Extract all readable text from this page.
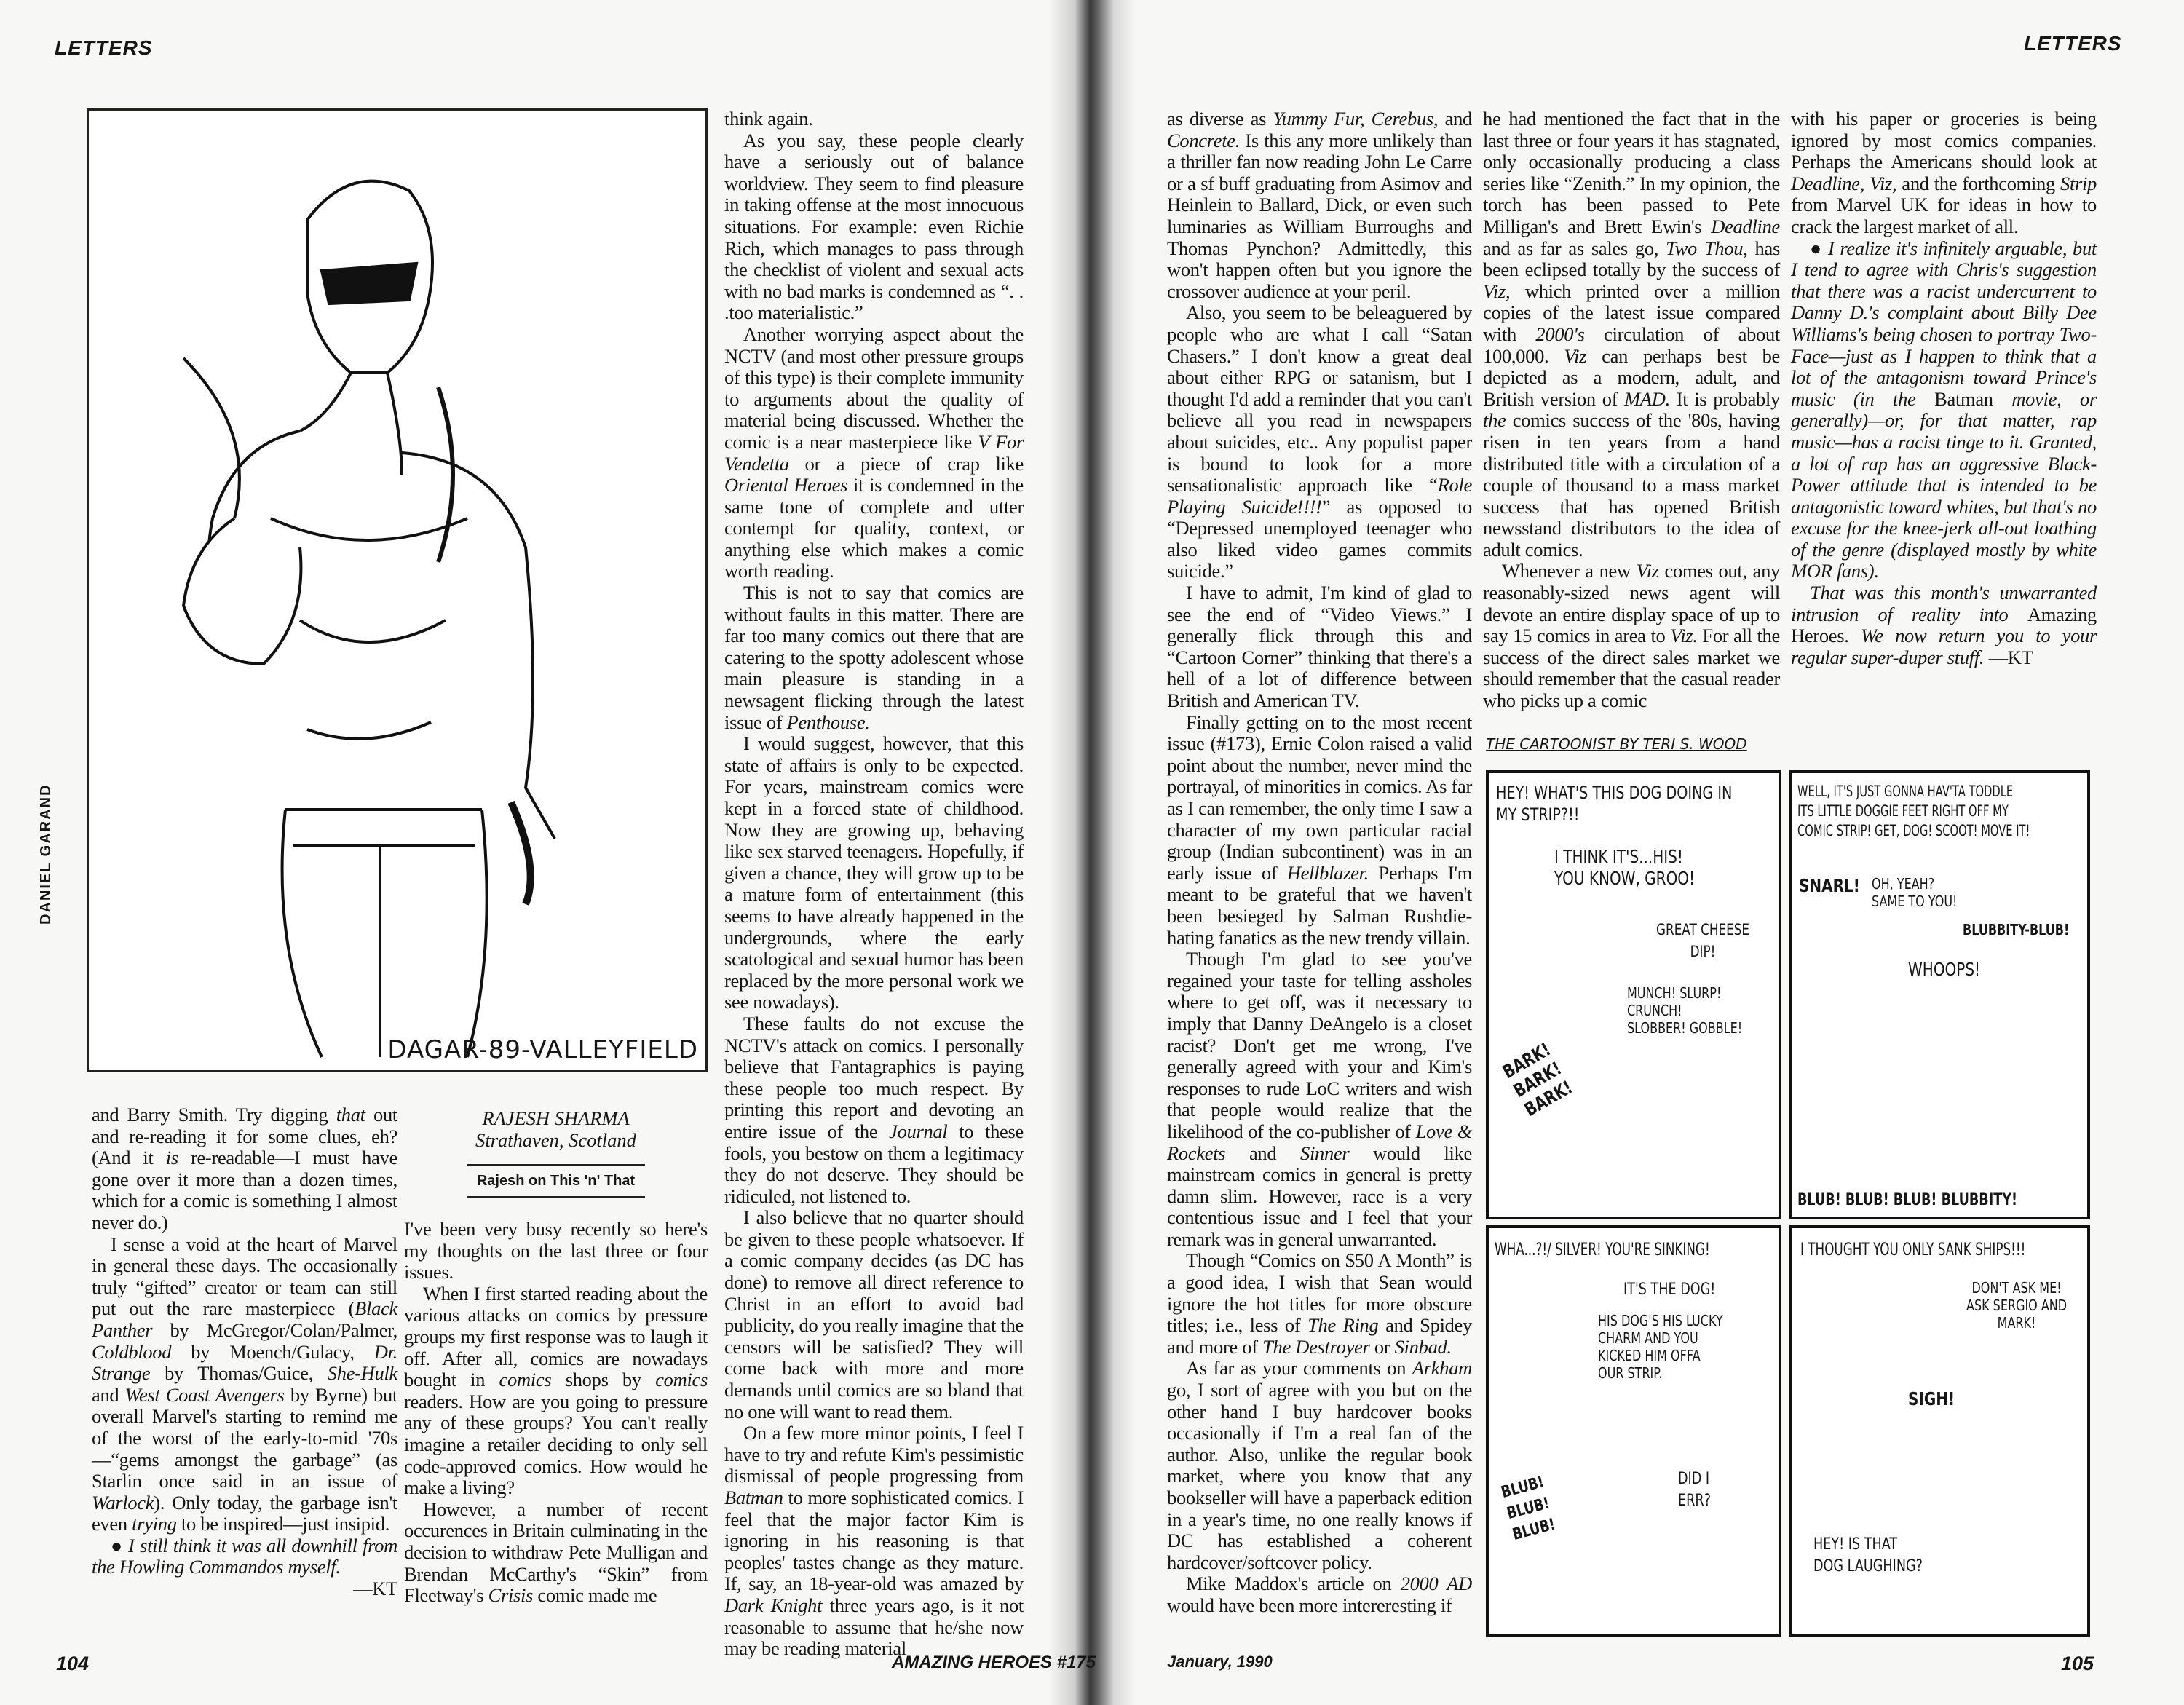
LETTERS	LETTERS
DAGAR-89-VALLEYFIELD
DANIEL GARAND

and Barry Smith. Try digging that out and re-reading it for some clues, eh? (And it is re-readable—I must have gone over it more than a dozen times, which for a comic is something I almost never do.)

I sense a void at the heart of Marvel in general these days. The occasionally truly “gifted” creator or team can still put out the rare masterpiece (Black Panther by McGregor/Colan/Palmer, Coldblood by Moench/Gulacy, Dr. Strange by Thomas/Guice, She-Hulk and West Coast Avengers by Byrne) but overall Marvel's starting to remind me of the worst of the early-to-mid '70s—“gems amongst the garbage” (as Starlin once said in an issue of Warlock). Only today, the garbage isn't even trying to be inspired—just insipid.

● I still think it was all downhill from the Howling Commandos myself.

—KT

RAJESH SHARMA
Strathaven, Scotland
Rajesh on This 'n' That

I've been very busy recently so here's my thoughts on the last three or four issues.

When I first started reading about the various attacks on comics by pressure groups my first response was to laugh it off. After all, comics are nowadays bought in comics shops by comics readers. How are you going to pressure any of these groups? You can't really imagine a retailer deciding to only sell code-approved comics. How would he make a living?

However, a number of recent occurences in Britain culminating in the decision to withdraw Pete Mulligan and Brendan McCarthy's “Skin” from Fleetway's Crisis comic made me

think again.

As you say, these people clearly have a seriously out of balance worldview. They seem to find pleasure in taking offense at the most innocuous situations. For example: even Richie Rich, which manages to pass through the checklist of violent and sexual acts with no bad marks is condemned as “. . .too materialistic.”

Another worrying aspect about the NCTV (and most other pressure groups of this type) is their complete immunity to arguments about the quality of material being discussed. Whether the comic is a near masterpiece like V For Vendetta or a piece of crap like Oriental Heroes it is condemned in the same tone of complete and utter contempt for quality, context, or anything else which makes a comic worth reading.

This is not to say that comics are without faults in this matter. There are far too many comics out there that are catering to the spotty adolescent whose main pleasure is standing in a newsagent flicking through the latest issue of Penthouse.

I would suggest, however, that this state of affairs is only to be expected. For years, mainstream comics were kept in a forced state of childhood. Now they are growing up, behaving like sex starved teenagers. Hopefully, if given a chance, they will grow up to be a mature form of entertainment (this seems to have already happened in the undergrounds, where the early scatological and sexual humor has been replaced by the more personal work we see nowadays).

These faults do not excuse the NCTV's attack on comics. I personally believe that Fantagraphics is paying these people too much respect. By printing this report and devoting an entire issue of the Journal to these fools, you bestow on them a legitimacy they do not deserve. They should be ridiculed, not listened to.

I also believe that no quarter should be given to these people whatsoever. If a comic company decides (as DC has done) to remove all direct reference to Christ in an effort to avoid bad publicity, do you really imagine that the censors will be satisfied? They will come back with more and more demands until comics are so bland that no one will want to read them.

On a few more minor points, I feel I have to try and refute Kim's pessimistic dismissal of people progressing from Batman to more sophisticated comics. I feel that the major factor Kim is ignoring in his reasoning is that peoples' tastes change as they mature. If, say, an 18-year-old was amazed by Dark Knight three years ago, is it not reasonable to assume that he/she now may be reading material

as diverse as Yummy Fur, Cerebus, and Concrete. Is this any more unlikely than a thriller fan now reading John Le Carre or a sf buff graduating from Asimov and Heinlein to Ballard, Dick, or even such luminaries as William Burroughs and Thomas Pynchon? Admittedly, this won't happen often but you ignore the crossover audience at your peril.

Also, you seem to be beleaguered by people who are what I call “Satan Chasers.” I don't know a great deal about either RPG or satanism, but I thought I'd add a reminder that you can't believe all you read in newspapers about suicides, etc.. Any populist paper is bound to look for a more sensationalistic approach like “Role Playing Suicide!!!!” as opposed to “Depressed unemployed teenager who also liked video games commits suicide.”

I have to admit, I'm kind of glad to see the end of “Video Views.” I generally flick through this and “Cartoon Corner” thinking that there's a hell of a lot of difference between British and American TV.

Finally getting on to the most recent issue (#173), Ernie Colon raised a valid point about the number, never mind the portrayal, of minorities in comics. As far as I can remember, the only time I saw a character of my own particular racial group (Indian subcontinent) was in an early issue of Hellblazer. Perhaps I'm meant to be grateful that we haven't been besieged by Salman Rushdie-hating fanatics as the new trendy villain.

Though I'm glad to see you've regained your taste for telling assholes where to get off, was it necessary to imply that Danny DeAngelo is a closet racist? Don't get me wrong, I've generally agreed with your and Kim's responses to rude LoC writers and wish that people would realize that the likelihood of the co-publisher of Love & Rockets and Sinner would like mainstream comics in general is pretty damn slim. However, race is a very contentious issue and I feel that your remark was in general unwarranted.

Though “Comics on $50 A Month” is a good idea, I wish that Sean would ignore the hot titles for more obscure titles; i.e., less of The Ring and Spidey and more of The Destroyer or Sinbad.

As far as your comments on Arkham go, I sort of agree with you but on the other hand I buy hardcover books occasionally if I'm a real fan of the author. Also, unlike the regular book market, where you know that any bookseller will have a paperback edition in a year's time, no one really knows if DC has established a coherent hardcover/softcover policy.

Mike Maddox's article on 2000 AD would have been more intereresting if

he had mentioned the fact that in the last three or four years it has stagnated, only occasionally producing a class series like “Zenith.” In my opinion, the torch has been passed to Pete Milligan's and Brett Ewin's Deadline and as far as sales go, Two Thou, has been eclipsed totally by the success of Viz, which printed over a million copies of the latest issue compared with 2000's circulation of about 100,000. Viz can perhaps best be depicted as a modern, adult, and British version of MAD. It is probably the comics success of the '80s, having risen in ten years from a hand distributed title with a circulation of a couple of thousand to a mass market success that has opened British newsstand distributors to the idea of adult comics.

Whenever a new Viz comes out, any reasonably-sized news agent will devote an entire display space of up to say 15 comics in area to Viz. For all the success of the direct sales market we should remember that the casual reader who picks up a comic

with his paper or groceries is being ignored by most comics companies. Perhaps the Americans should look at Deadline, Viz, and the forthcoming Strip from Marvel UK for ideas in how to crack the largest market of all.

● I realize it's infinitely arguable, but I tend to agree with Chris's suggestion that there was a racist undercurrent to Danny D.'s complaint about Billy Dee Williams's being chosen to portray Two-Face—just as I happen to think that a lot of the antagonism toward Prince's music (in the Batman movie, or generally)—or, for that matter, rap music—has a racist tinge to it. Granted, a lot of rap has an aggressive Black-Power attitude that is intended to be antagonistic toward whites, but that's no excuse for the knee-jerk all-out loathing of the genre (displayed mostly by white MOR fans).

That was this month's unwarranted intrusion of reality into Amazing Heroes. We now return you to your regular super-duper stuff. —KT

THE CARTOONIST BY TERI S. WOOD
HEY! WHAT'S THIS DOG DOING IN
MY STRIP?!!
I THINK IT'S...HIS!
YOU KNOW, GROO!
GREAT CHEESE
DIP!
MUNCH! SLURP!
CRUNCH!
SLOBBER! GOBBLE!
BARK!
BARK!
BARK!
WELL, IT'S JUST GONNA HAV'TA TODDLE
ITS LITTLE DOGGIE FEET RIGHT OFF MY
COMIC STRIP! GET, DOG! SCOOT! MOVE IT!
SNARL! OH, YEAH?
SAME TO YOU!
BLUBBITY-BLUB!
WHOOPS!
BLUB! BLUB! BLUB! BLUBBITY!
WHA...?!/ SILVER! YOU'RE SINKING!
IT'S THE DOG!
HIS DOG'S HIS LUCKY
CHARM AND YOU
KICKED HIM OFFA
OUR STRIP.
BLUB!
BLUB!
BLUB!
DID I
ERR?
I THOUGHT YOU ONLY SANK SHIPS!!!
DON'T ASK ME!
ASK SERGIO AND
MARK!
SIGH!
HEY! IS THAT
DOG LAUGHING?
104	AMAZING HEROES #175	January, 1990	105
